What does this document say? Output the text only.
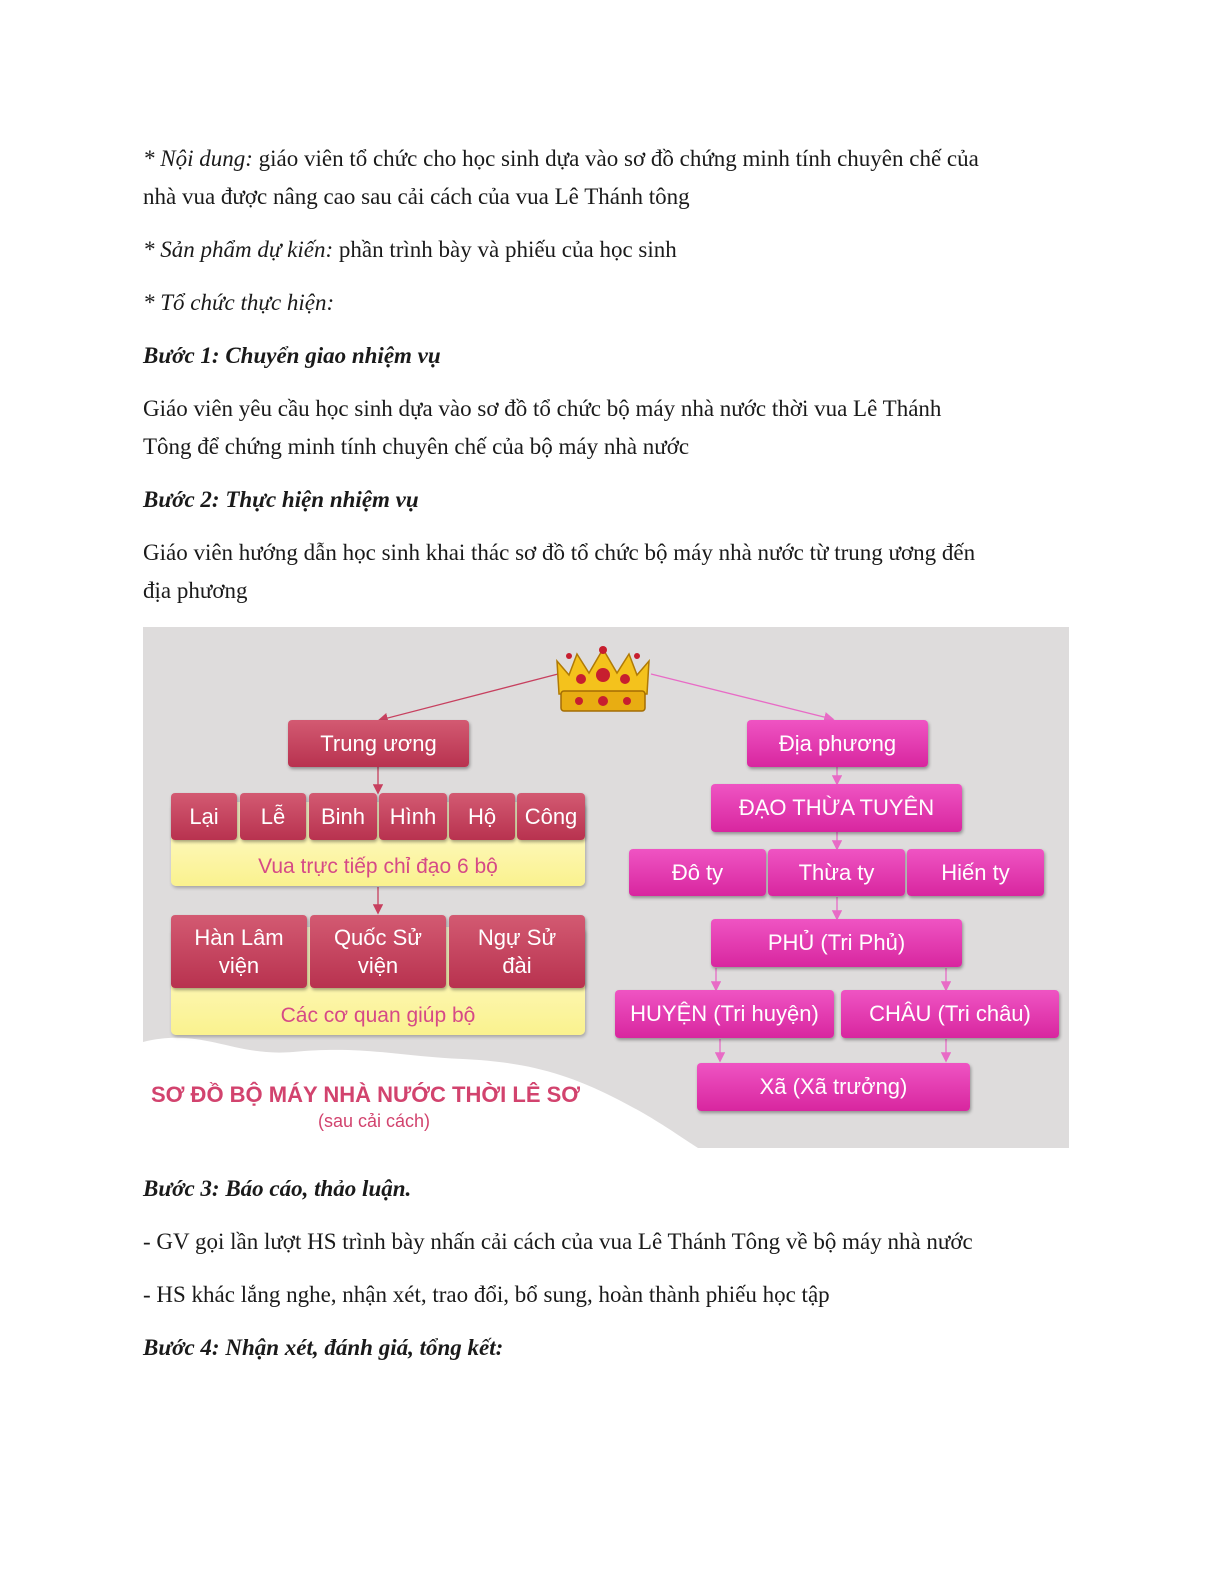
* Nội dung: giáo viên tổ chức cho học sinh dựa vào sơ đồ chứng minh tính chuyên chế của
nhà vua được nâng cao sau cải cách của vua Lê Thánh tông
* Sản phẩm dự kiến: phần trình bày và phiếu của học sinh
* Tổ chức thực hiện:
Bước 1: Chuyển giao nhiệm vụ
Giáo viên yêu cầu học sinh dựa vào sơ đồ tổ chức bộ máy nhà nước thời vua Lê Thánh
Tông để chứng minh tính chuyên chế của bộ máy nhà nước
Bước 2: Thực hiện nhiệm vụ
Giáo viên hướng dẫn học sinh khai thác sơ đồ tổ chức bộ máy nhà nước từ trung ương đến
địa phương
Trung ương
Vua trực tiếp chỉ đạo 6 bộ
Lại	Lễ	Binh	Hình	Hộ	Công
Các cơ quan giúp bộ
Hàn Lâm viện
Quốc Sử viện
Ngự Sử đài
Địa phương
ĐẠO THỪA TUYÊN
Đô ty	Thừa ty	Hiến ty
PHỦ (Tri Phủ)
HUYỆN (Tri huyện)	CHÂU (Tri châu)
Xã (Xã trưởng)
SƠ ĐỒ BỘ MÁY NHÀ NƯỚC THỜI LÊ SƠ
(sau cải cách)
Bước 3: Báo cáo, thảo luận.
- GV gọi lần lượt HS trình bày nhấn cải cách của vua Lê Thánh Tông về bộ máy nhà nước
- HS khác lắng nghe, nhận xét, trao đổi, bổ sung, hoàn thành phiếu học tập
Bước 4: Nhận xét, đánh giá, tổng kết:
